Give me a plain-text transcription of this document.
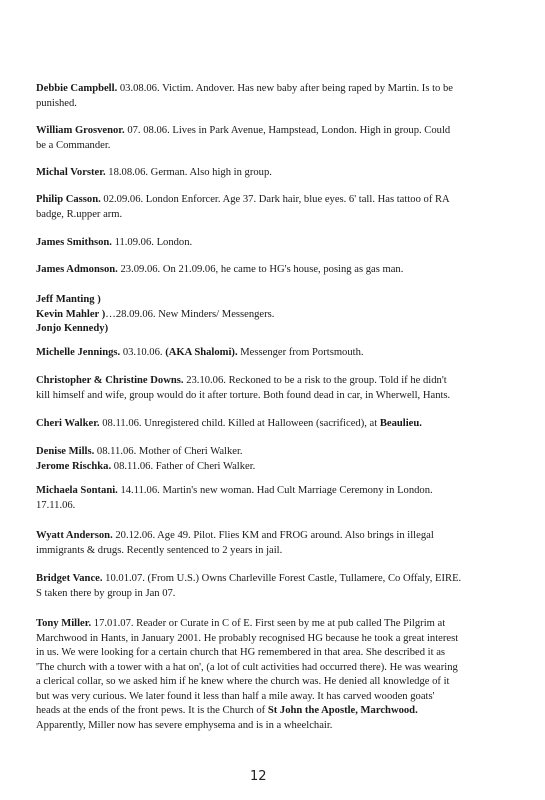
Debbie Campbell. 03.08.06. Victim. Andover. Has new baby after being raped by Martin. Is to be
punished.

William Grosvenor. 07. 08.06. Lives in Park Avenue, Hampstead, London. High in group. Could
be a Commander.

Michal Vorster. 18.08.06. German. Also high in group.

Philip Casson. 02.09.06. London Enforcer. Age 37. Dark hair, blue eyes. 6' tall. Has tattoo of RA
badge, R.upper arm.

James Smithson. 11.09.06. London.

James Admonson. 23.09.06. On 21.09.06, he came to HG's house, posing as gas man.

Jeff Manting )
Kevin Mahler )…28.09.06. New Minders/ Messengers.
Jonjo Kennedy)

Michelle Jennings. 03.10.06. (AKA Shalomi). Messenger from Portsmouth.

Christopher & Christine Downs. 23.10.06. Reckoned to be a risk to the group. Told if he didn't
kill himself and wife, group would do it after torture. Both found dead in car, in Wherwell, Hants.

Cheri Walker. 08.11.06. Unregistered child. Killed at Halloween (sacrificed), at Beaulieu.

Denise Mills. 08.11.06. Mother of Cheri Walker.
Jerome Rischka. 08.11.06. Father of Cheri Walker.

Michaela Sontani. 14.11.06. Martin's new woman. Had Cult Marriage Ceremony in London.
17.11.06.

Wyatt Anderson. 20.12.06. Age 49. Pilot. Flies KM and FROG around. Also brings in illegal
immigrants & drugs. Recently sentenced to 2 years in jail.

Bridget Vance. 10.01.07. (From U.S.) Owns Charleville Forest Castle, Tullamere, Co Offaly, EIRE.
S taken there by group in Jan 07.

Tony Miller. 17.01.07. Reader or Curate in C of E. First seen by me at pub called The Pilgrim at
Marchwood in Hants, in January 2001. He probably recognised HG because he took a great interest
in us. We were looking for a certain church that HG remembered in that area. She described it as
'The church with a tower with a hat on', (a lot of cult activities had occurred there). He was wearing
a clerical collar, so we asked him if he knew where the church was. He denied all knowledge of it
but was very curious. We later found it less than half a mile away. It has carved wooden goats'
heads at the ends of the front pews. It is the Church of St John the Apostle, Marchwood.
Apparently, Miller now has severe emphysema and is in a wheelchair.

12
